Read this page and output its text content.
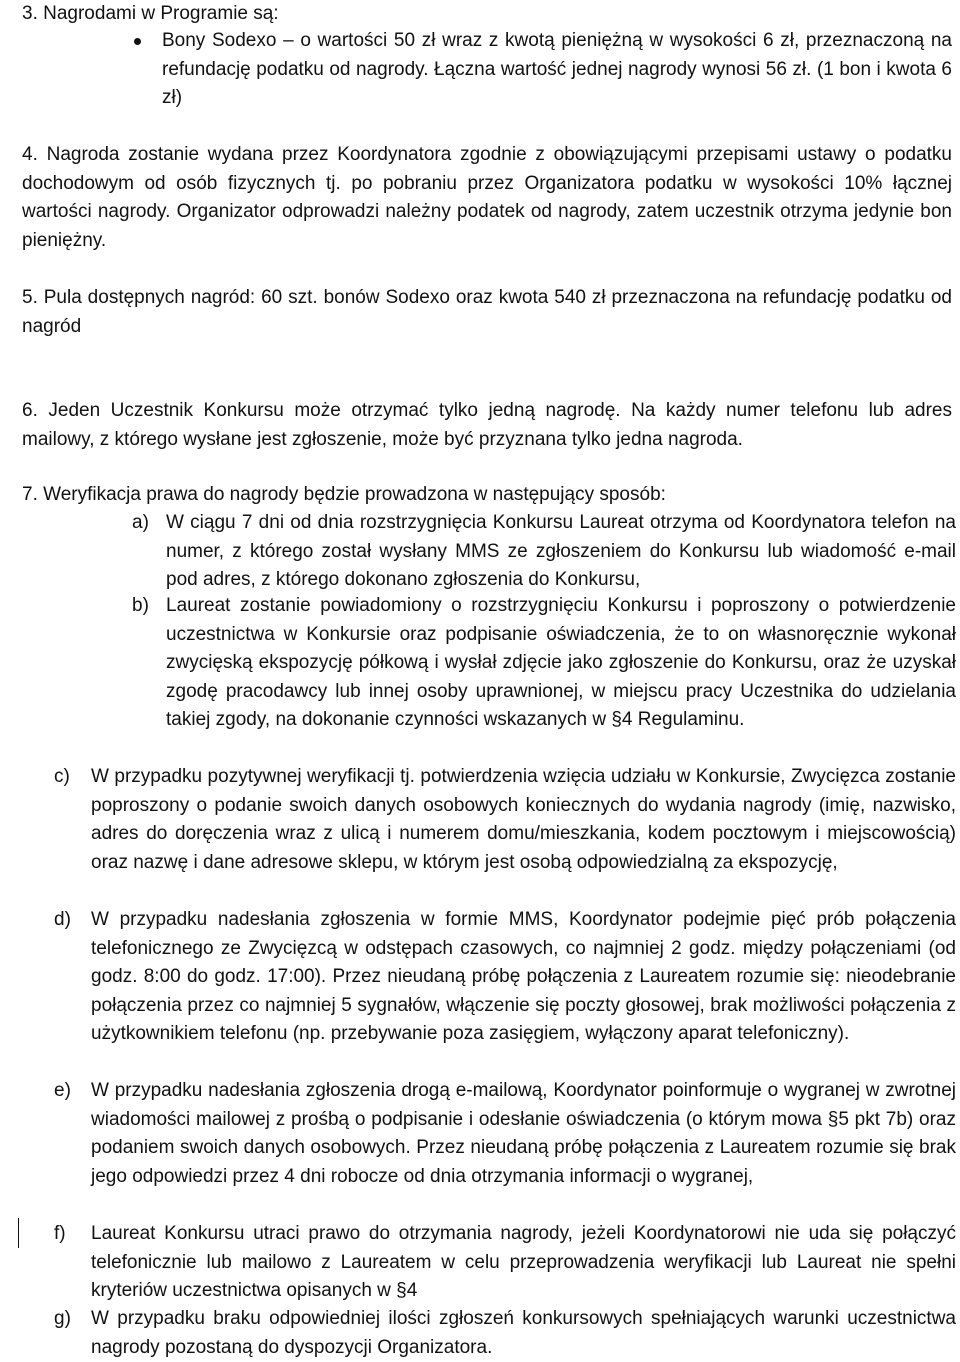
3. Nagrodami w Programie są:
Bony Sodexo – o wartości 50 zł wraz z kwotą pieniężną w wysokości 6 zł, przeznaczoną na refundację podatku od nagrody. Łączna wartość jednej nagrody wynosi 56 zł. (1 bon i kwota 6 zł)
4. Nagroda zostanie wydana przez Koordynatora zgodnie z obowiązującymi przepisami ustawy o podatku dochodowym od osób fizycznych tj. po pobraniu przez Organizatora podatku w wysokości 10% łącznej wartości nagrody. Organizator odprowadzi należny podatek od nagrody, zatem uczestnik otrzyma jedynie bon pieniężny.
5. Pula dostępnych nagród: 60 szt. bonów Sodexo oraz kwota 540 zł przeznaczona na refundację podatku od nagród
6. Jeden Uczestnik Konkursu może otrzymać tylko jedną nagrodę. Na każdy numer telefonu lub adres mailowy, z którego wysłane jest zgłoszenie, może być przyznana tylko jedna nagroda.
7. Weryfikacja prawa do nagrody będzie prowadzona w następujący sposób:
a) W ciągu 7 dni od dnia rozstrzygnięcia Konkursu Laureat otrzyma od Koordynatora telefon na numer, z którego został wysłany MMS ze zgłoszeniem do Konkursu lub wiadomość e-mail pod adres, z którego dokonano zgłoszenia do Konkursu,
b) Laureat zostanie powiadomiony o rozstrzygnięciu Konkursu i poproszony o potwierdzenie uczestnictwa w Konkursie oraz podpisanie oświadczenia, że to on własnoręcznie wykonał zwycięską ekspozycję półkową i wysłał zdjęcie jako zgłoszenie do Konkursu, oraz że uzyskał zgodę pracodawcy lub innej osoby uprawnionej, w miejscu pracy Uczestnika do udzielania takiej zgody, na dokonanie czynności wskazanych w §4 Regulaminu.
c) W przypadku pozytywnej weryfikacji tj. potwierdzenia wzięcia udziału w Konkursie, Zwycięzca zostanie poproszony o podanie swoich danych osobowych koniecznych do wydania nagrody (imię, nazwisko, adres do doręczenia wraz z ulicą i numerem domu/mieszkania, kodem pocztowym i miejscowością) oraz nazwę i dane adresowe sklepu, w którym jest osobą odpowiedzialną za ekspozycję,
d) W przypadku nadesłania zgłoszenia w formie MMS, Koordynator podejmie pięć prób połączenia telefonicznego ze Zwycięzcą w odstępach czasowych, co najmniej 2 godz. między połączeniami (od godz. 8:00 do godz. 17:00). Przez nieudaną próbę połączenia z Laureatem rozumie się: nieodebranie połączenia przez co najmniej 5 sygnałów, włączenie się poczty głosowej, brak możliwości połączenia z użytkownikiem telefonu (np. przebywanie poza zasięgiem, wyłączony aparat telefoniczny).
e) W przypadku nadesłania zgłoszenia drogą e-mailową, Koordynator poinformuje o wygranej w zwrotnej wiadomości mailowej z prośbą o podpisanie i odesłanie oświadczenia (o którym mowa §5 pkt 7b) oraz podaniem swoich danych osobowych. Przez nieudaną próbę połączenia z Laureatem rozumie się brak jego odpowiedzi przez 4 dni robocze od dnia otrzymania informacji o wygranej,
f) Laureat Konkursu utraci prawo do otrzymania nagrody, jeżeli Koordynatorowi nie uda się połączyć telefonicznie lub mailowo z Laureatem w celu przeprowadzenia weryfikacji lub Laureat nie spełni kryteriów uczestnictwa opisanych w §4
g) W przypadku braku odpowiedniej ilości zgłoszeń konkursowych spełniających warunki uczestnictwa nagrody pozostaną do dyspozycji Organizatora.
